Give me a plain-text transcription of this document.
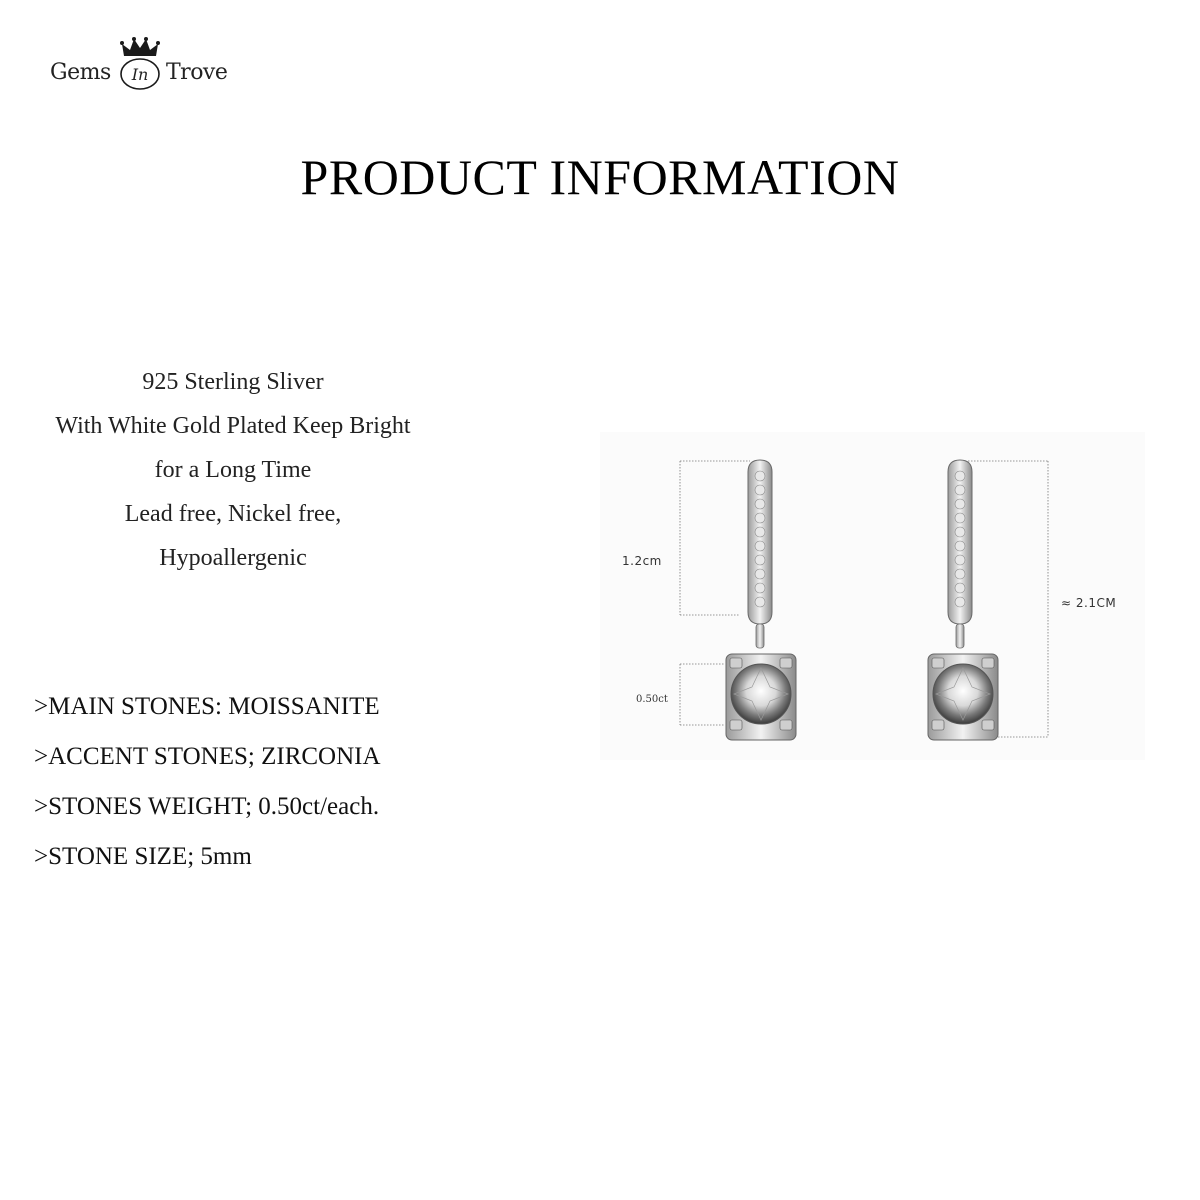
Gems	In Trove
PRODUCT INFORMATION
925 Sterling Sliver
With White Gold Plated Keep Bright
for a Long Time
Lead free, Nickel free,
Hypoallergenic
>MAIN STONES: MOISSANITE
>ACCENT STONES; ZIRCONIA
>STONES WEIGHT; 0.50ct/each.
>STONE SIZE; 5mm
1.2cm
0.50ct
≈ 2.1CM
